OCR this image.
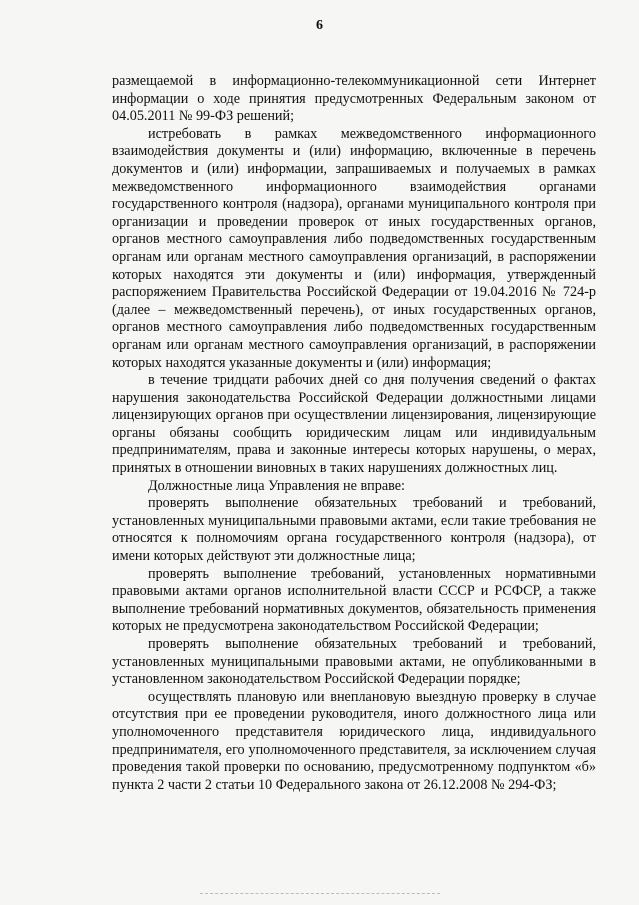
6

размещаемой в информационно-телекоммуникационной сети Интернет информации о ходе принятия предусмотренных Федеральным законом от 04.05.2011 № 99-ФЗ решений;

истребовать в рамках межведомственного информационного взаимодействия документы и (или) информацию, включенные в перечень документов и (или) информации, запрашиваемых и получаемых в рамках межведомственного информационного взаимодействия органами государственного контроля (надзора), органами муниципального контроля при организации и проведении проверок от иных государственных органов, органов местного самоуправления либо подведомственных государственным органам или органам местного самоуправления организаций, в распоряжении которых находятся эти документы и (или) информация, утвержденный распоряжением Правительства Российской Федерации от 19.04.2016 № 724-р (далее – межведомственный перечень), от иных государственных органов, органов местного самоуправления либо подведомственных государственным органам или органам местного самоуправления организаций, в распоряжении которых находятся указанные документы и (или) информация;

в течение тридцати рабочих дней со дня получения сведений о фактах нарушения законодательства Российской Федерации должностными лицами лицензирующих органов при осуществлении лицензирования, лицензирующие органы обязаны сообщить юридическим лицам или индивидуальным предпринимателям, права и законные интересы которых нарушены, о мерах, принятых в отношении виновных в таких нарушениях должностных лиц.

Должностные лица Управления не вправе:

проверять выполнение обязательных требований и требований, установленных муниципальными правовыми актами, если такие требования не относятся к полномочиям органа государственного контроля (надзора), от имени которых действуют эти должностные лица;

проверять выполнение требований, установленных нормативными правовыми актами органов исполнительной власти СССР и РСФСР, а также выполнение требований нормативных документов, обязательность применения которых не предусмотрена законодательством Российской Федерации;

проверять выполнение обязательных требований и требований, установленных муниципальными правовыми актами, не опубликованными в установленном законодательством Российской Федерации порядке;

осуществлять плановую или внеплановую выездную проверку в случае отсутствия при ее проведении руководителя, иного должностного лица или уполномоченного представителя юридического лица, индивидуального предпринимателя, его уполномоченного представителя, за исключением случая проведения такой проверки по основанию, предусмотренному подпунктом «б» пункта 2 части 2 статьи 10 Федерального закона от 26.12.2008 № 294-ФЗ;
